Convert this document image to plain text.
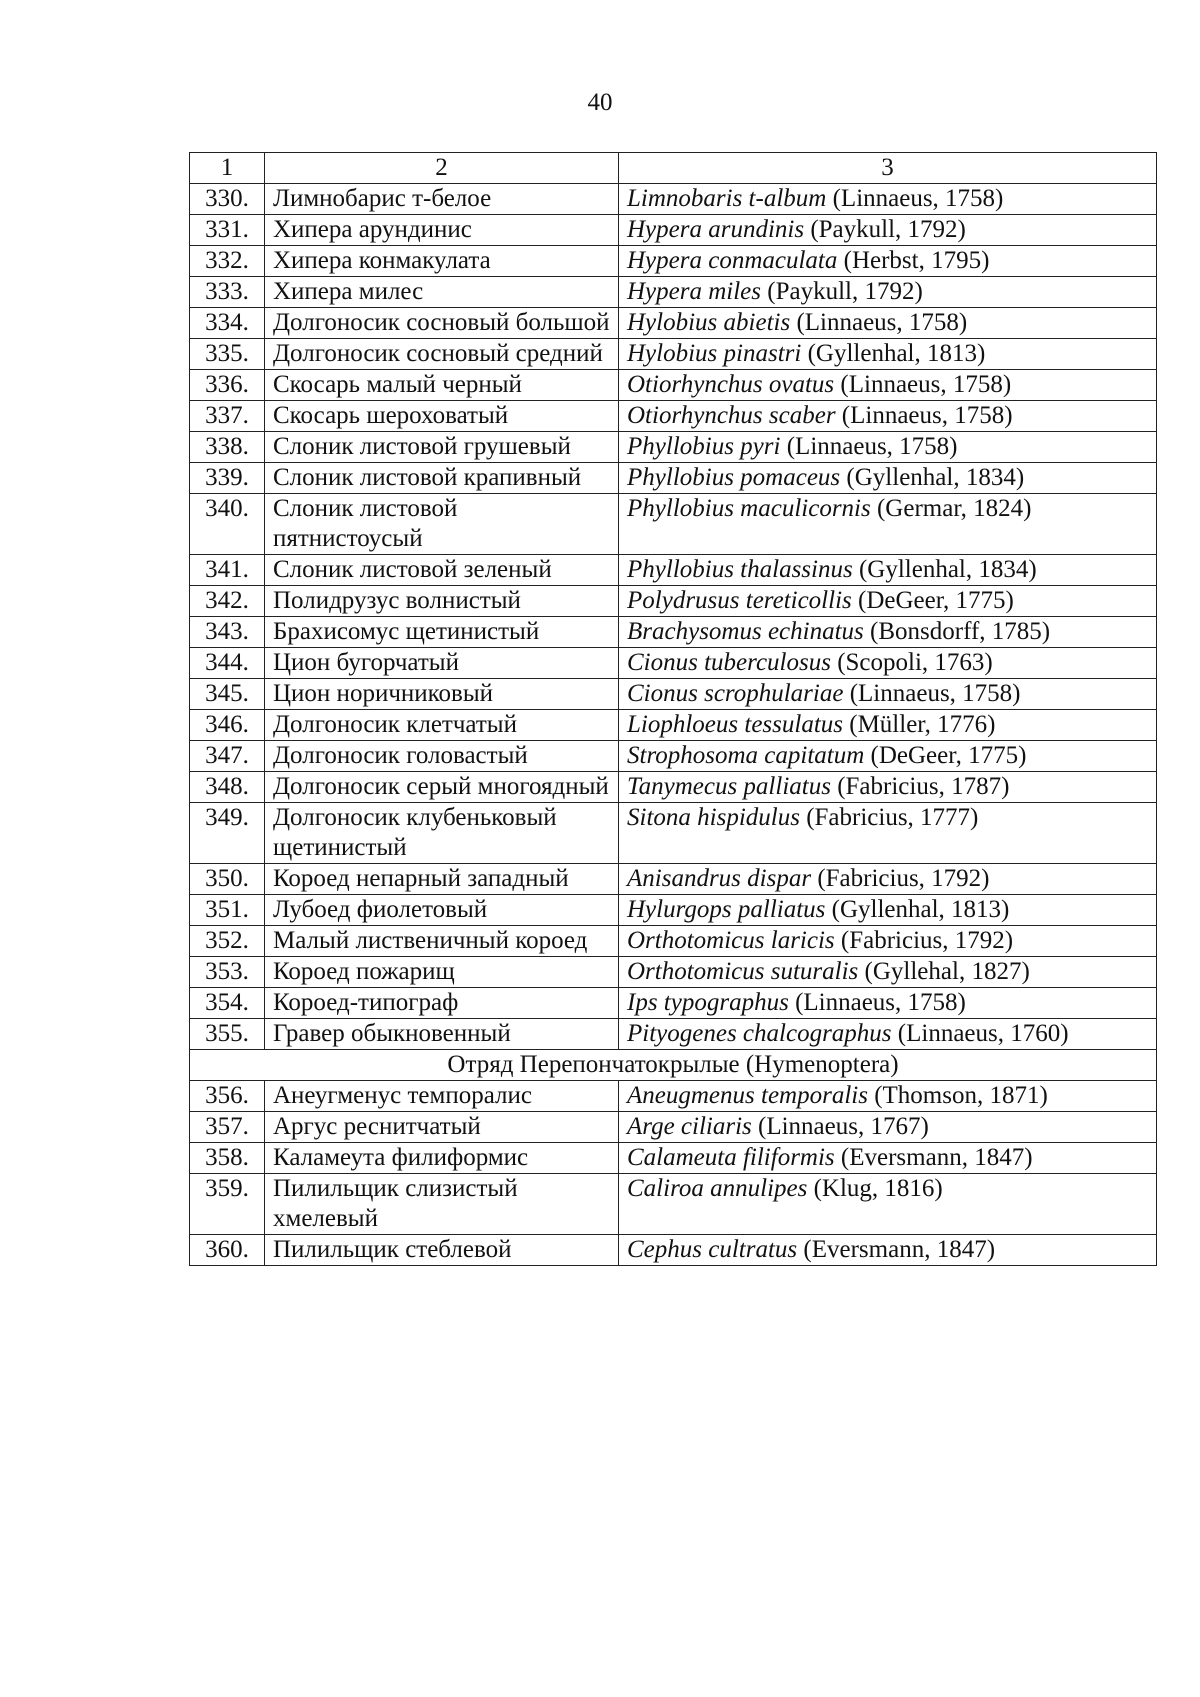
40
1	2	3
330.	Лимнобарис т-белое	Limnobaris t-album (Linnaeus, 1758)
331.	Хипера арундинис	Hypera arundinis (Paykull, 1792)
332.	Хипера конмакулата	Hypera conmaculata (Herbst, 1795)
333.	Хипера милес	Hypera miles (Paykull, 1792)
334.	Долгоносик сосновый большой	Hylobius abietis (Linnaeus, 1758)
335.	Долгоносик сосновый средний	Hylobius pinastri (Gyllenhal, 1813)
336.	Скосарь малый черный	Otiorhynchus ovatus (Linnaeus, 1758)
337.	Скосарь шероховатый	Otiorhynchus scaber (Linnaeus, 1758)
338.	Слоник листовой грушевый	Phyllobius pyri (Linnaeus, 1758)
339.	Слоник листовой крапивный	Phyllobius pomaceus (Gyllenhal, 1834)
340.	Слоник листовой пятнистоусый	Phyllobius maculicornis (Germar, 1824)
341.	Слоник листовой зеленый	Phyllobius thalassinus (Gyllenhal, 1834)
342.	Полидрузус волнистый	Polydrusus tereticollis (DeGeer, 1775)
343.	Брахисомус щетинистый	Brachysomus echinatus (Bonsdorff, 1785)
344.	Цион бугорчатый	Cionus tuberculosus (Scopoli, 1763)
345.	Цион норичниковый	Cionus scrophulariae (Linnaeus, 1758)
346.	Долгоносик клетчатый	Liophloeus tessulatus (Müller, 1776)
347.	Долгоносик головастый	Strophosoma capitatum (DeGeer, 1775)
348.	Долгоносик серый многоядный	Tanymecus palliatus (Fabricius, 1787)
349.	Долгоносик клубеньковый щетинистый	Sitona hispidulus (Fabricius, 1777)
350.	Короед непарный западный	Anisandrus dispar (Fabricius, 1792)
351.	Лубоед фиолетовый	Hylurgops palliatus (Gyllenhal, 1813)
352.	Малый лиственичный короед	Orthotomicus laricis (Fabricius, 1792)
353.	Короед пожарищ	Orthotomicus suturalis (Gyllehal, 1827)
354.	Короед-типограф	Ips typographus (Linnaeus, 1758)
355.	Гравер обыкновенный	Pityogenes chalcographus (Linnaeus, 1760)
Отряд Перепончатокрылые (Hymenoptera)		
356.	Анеугменус темпоралис	Aneugmenus temporalis (Thomson, 1871)
357.	Аргус реснитчатый	Arge ciliaris (Linnaeus, 1767)
358.	Каламеута филиформис	Calameuta filiformis (Eversmann, 1847)
359.	Пилильщик слизистый хмелевый	Caliroa annulipes (Klug, 1816)
360.	Пилильщик стеблевой	Cephus cultratus (Eversmann, 1847)
